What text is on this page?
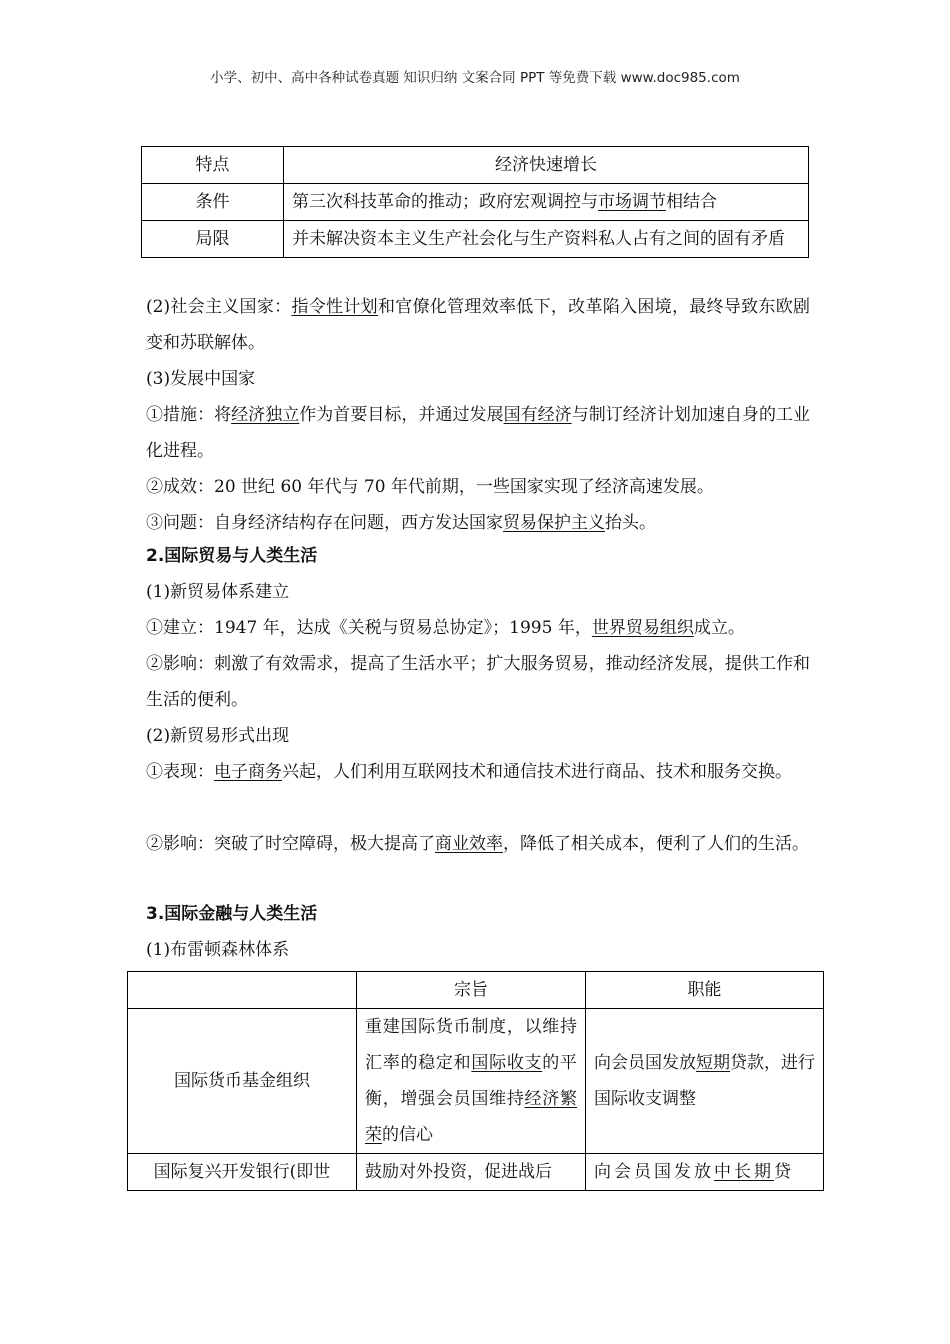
小学、初中、高中各种试卷真题 知识归纳 文案合同 PPT 等免费下载 www.doc985.com
特点	经济快速增长
条件	第三次科技革命的推动；政府宏观调控与市场调节相结合
局限	并未解决资本主义生产社会化与生产资料私人占有之间的固有矛盾
(2)社会主义国家：指令性计划和官僚化管理效率低下，改革陷入困境，最终导致东欧剧变和苏联解体。
(3)发展中国家
①措施：将经济独立作为首要目标，并通过发展国有经济与制订经济计划加速自身的工业化进程。
②成效：20 世纪 60 年代与 70 年代前期，一些国家实现了经济高速发展。
③问题：自身经济结构存在问题，西方发达国家贸易保护主义抬头。
2.国际贸易与人类生活
(1)新贸易体系建立
①建立：1947 年，达成《关税与贸易总协定》；1995 年，世界贸易组织成立。
②影响：刺激了有效需求，提高了生活水平；扩大服务贸易，推动经济发展，提供工作和生活的便利。
(2)新贸易形式出现
①表现：电子商务兴起，人们利用互联网技术和通信技术进行商品、技术和服务交换。
②影响：突破了时空障碍，极大提高了商业效率，降低了相关成本，便利了人们的生活。
3.国际金融与人类生活
(1)布雷顿森林体系
	宗旨	职能
国际货币基金组织	重建国际货币制度，以维持汇率的稳定和国际收支的平衡，增强会员国维持经济繁荣的信心	向会员国发放短期贷款，进行国际收支调整
国际复兴开发银行(即世	鼓励对外投资，促进战后	向会员国发放中长期贷
